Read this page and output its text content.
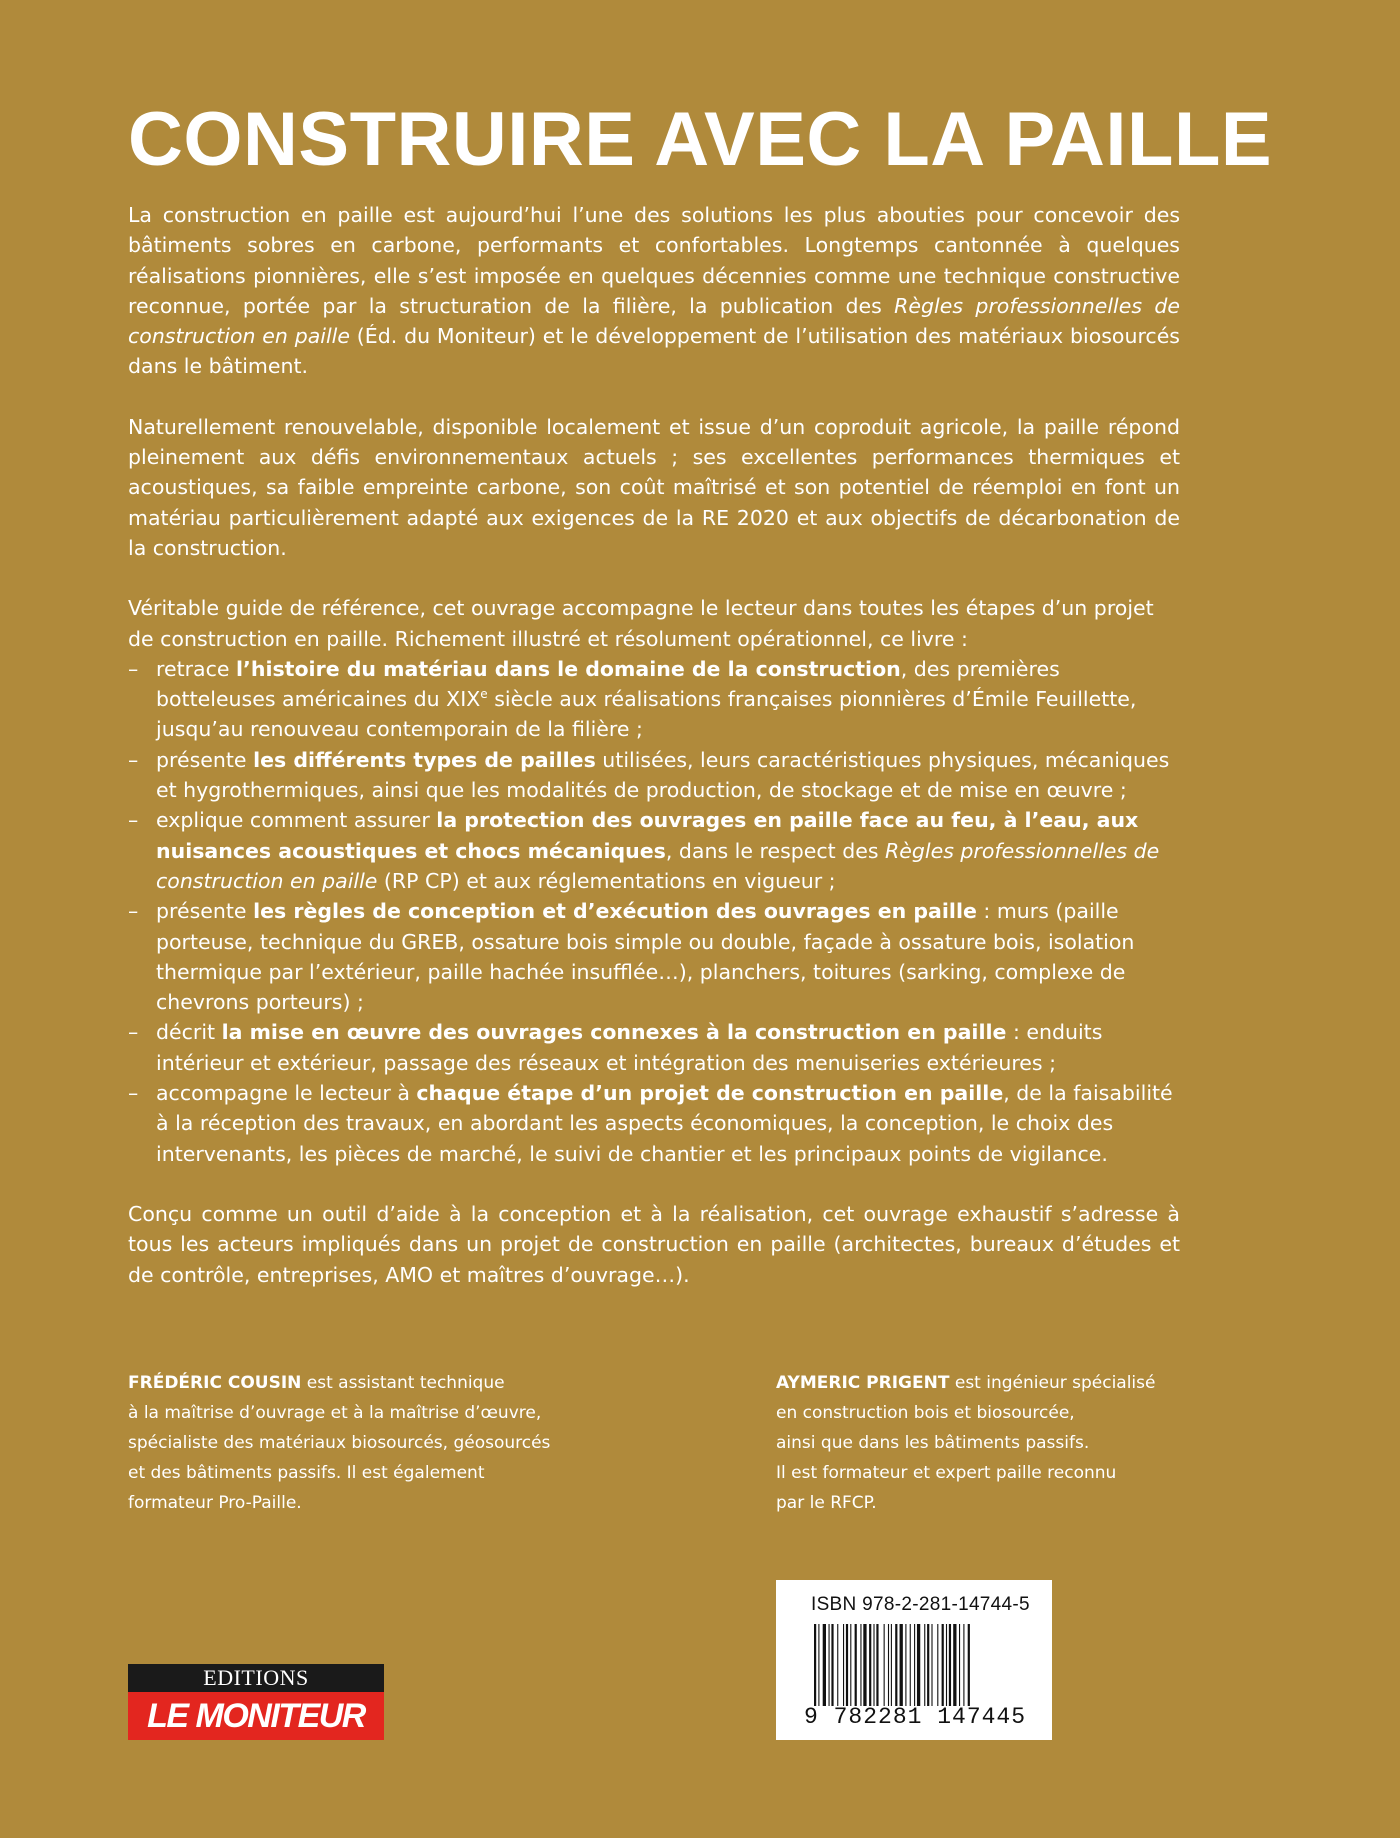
CONSTRUIRE AVEC LA PAILLE

La construction en paille est aujourd’hui l’une des solutions les plus abouties pour concevoir des bâtiments sobres en carbone, performants et confortables. Longtemps cantonnée à quelques réalisations pionnières, elle s’est imposée en quelques décennies comme une technique constructive reconnue, portée par la structuration de la filière, la publication des Règles professionnelles de construction en paille (Éd. du Moniteur) et le développement de l’utilisation des matériaux biosourcés dans le bâtiment.

Naturellement renouvelable, disponible localement et issue d’un coproduit agricole, la paille répond pleinement aux défis environnementaux actuels ; ses excellentes performances thermiques et acoustiques, sa faible empreinte carbone, son coût maîtrisé et son potentiel de réemploi en font un matériau particulièrement adapté aux exigences de la RE 2020 et aux objectifs de décarbonation de la construction.

Véritable guide de référence, cet ouvrage accompagne le lecteur dans toutes les étapes d’un projet de construction en paille. Richement illustré et résolument opérationnel, ce livre :

– retrace l’histoire du matériau dans le domaine de la construction, des premières botteleuses américaines du XIXe siècle aux réalisations françaises pionnières d’Émile Feuillette, jusqu’au renouveau contemporain de la filière ;
– présente les différents types de pailles utilisées, leurs caractéristiques physiques, mécaniques et hygrothermiques, ainsi que les modalités de production, de stockage et de mise en œuvre ;
– explique comment assurer la protection des ouvrages en paille face au feu, à l’eau, aux nuisances acoustiques et chocs mécaniques, dans le respect des Règles professionnelles de construction en paille (RP CP) et aux réglementations en vigueur ;
– présente les règles de conception et d’exécution des ouvrages en paille : murs (paille porteuse, technique du GREB, ossature bois simple ou double, façade à ossature bois, isolation thermique par l’extérieur, paille hachée insufflée…), planchers, toitures (sarking, complexe de chevrons porteurs) ;
– décrit la mise en œuvre des ouvrages connexes à la construction en paille : enduits intérieur et extérieur, passage des réseaux et intégration des menuiseries extérieures ;
– accompagne le lecteur à chaque étape d’un projet de construction en paille, de la faisabilité à la réception des travaux, en abordant les aspects économiques, la conception, le choix des intervenants, les pièces de marché, le suivi de chantier et les principaux points de vigilance.

Conçu comme un outil d’aide à la conception et à la réalisation, cet ouvrage exhaustif s’adresse à tous les acteurs impliqués dans un projet de construction en paille (architectes, bureaux d’études et de contrôle, entreprises, AMO et maîtres d’ouvrage…).

FRÉDÉRIC COUSIN est assistant technique
à la maîtrise d’ouvrage et à la maîtrise d’œuvre,
spécialiste des matériaux biosourcés, géosourcés
et des bâtiments passifs. Il est également
formateur Pro-Paille.
AYMERIC PRIGENT est ingénieur spécialisé
en construction bois et biosourcée,
ainsi que dans les bâtiments passifs.
Il est formateur et expert paille reconnu
par le RFCP.
ISBN 978-2-281-14744-5
9 782281 147445
EDITIONS
LE MONITEUR
